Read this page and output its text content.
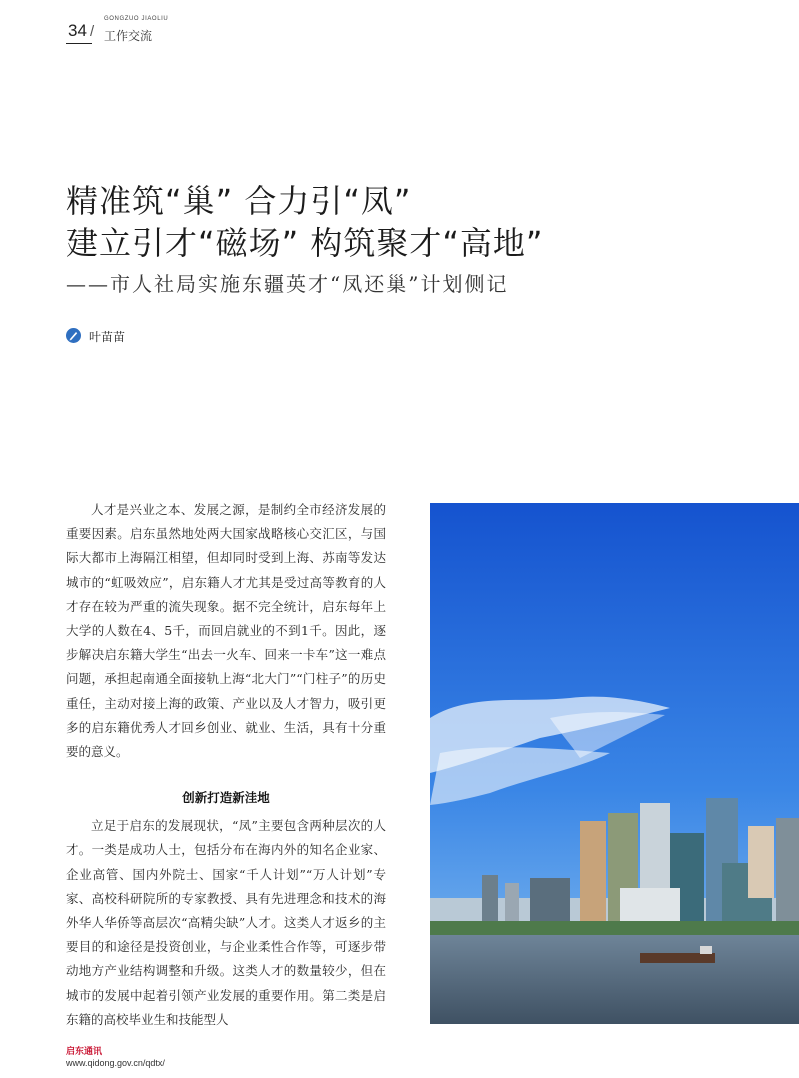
34 /
GONGZUO JIAOLIU
工作交流
精准筑“巢” 合力引“凤”
建立引才“磁场” 构筑聚才“高地”
——市人社局实施东疆英才“凤还巢”计划侧记
叶苗苗

人才是兴业之本、发展之源，是制约全市经济发展的重要因素。启东虽然地处两大国家战略核心交汇区，与国际大都市上海隔江相望，但却同时受到上海、苏南等发达城市的“虹吸效应”，启东籍人才尤其是受过高等教育的人才存在较为严重的流失现象。据不完全统计，启东每年上大学的人数在4、5千，而回启就业的不到1千。因此，逐步解决启东籍大学生“出去一火车、回来一卡车”这一难点问题，承担起南通全面接轨上海“北大门”“门柱子”的历史重任，主动对接上海的政策、产业以及人才智力，吸引更多的启东籍优秀人才回乡创业、就业、生活，具有十分重要的意义。

创新打造新洼地

立足于启东的发展现状，“凤”主要包含两种层次的人才。一类是成功人士，包括分布在海内外的知名企业家、企业高管、国内外院士、国家“千人计划”“万人计划”专家、高校科研院所的专家教授、具有先进理念和技术的海外华人华侨等高层次“高精尖缺”人才。这类人才返乡的主要目的和途径是投资创业，与企业柔性合作等，可逐步带动地方产业结构调整和升级。这类人才的数量较少，但在城市的发展中起着引领产业发展的重要作用。第二类是启东籍的高校毕业生和技能型人

启东通讯
www.qidong.gov.cn/qdtx/
